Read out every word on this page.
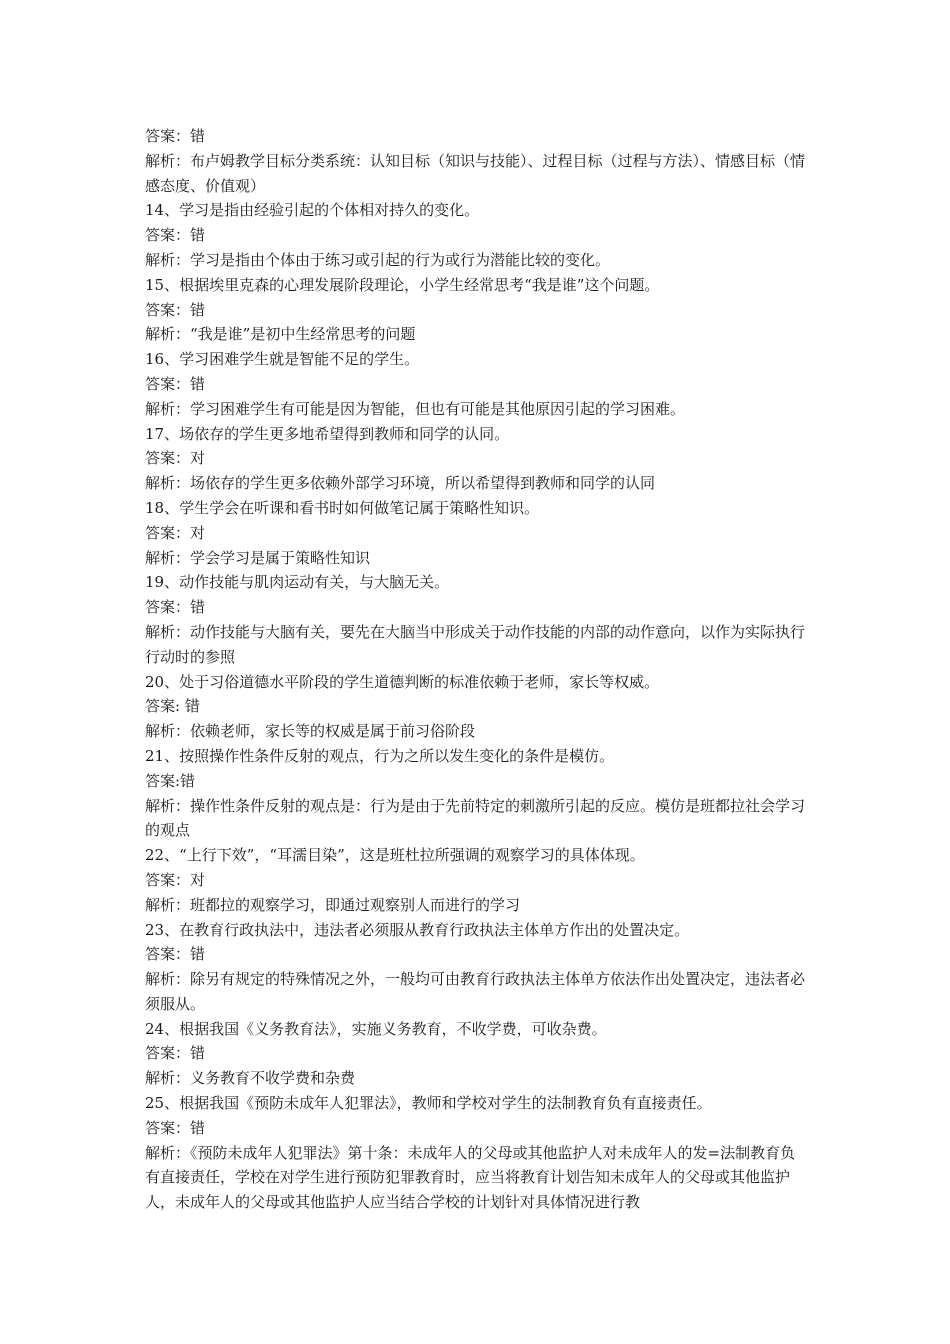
答案：错

解析：布卢姆教学目标分类系统：认知目标（知识与技能）、过程目标（过程与方法）、情感目标（情感态度、价值观）

14、学习是指由经验引起的个体相对持久的变化。

答案：错

解析：学习是指由个体由于练习或引起的行为或行为潜能比较的变化。

15、根据埃里克森的心理发展阶段理论，小学生经常思考“我是谁”这个问题。

答案：错

解析：“我是谁”是初中生经常思考的问题

16、学习困难学生就是智能不足的学生。

答案：错

解析：学习困难学生有可能是因为智能，但也有可能是其他原因引起的学习困难。

17、场依存的学生更多地希望得到教师和同学的认同。

答案：对

解析：场依存的学生更多依赖外部学习环境，所以希望得到教师和同学的认同

18、学生学会在听课和看书时如何做笔记属于策略性知识。

答案：对

解析：学会学习是属于策略性知识

19、动作技能与肌肉运动有关，与大脑无关。

答案：错

解析：动作技能与大脑有关，要先在大脑当中形成关于动作技能的内部的动作意向，以作为实际执行行动时的参照

20、处于习俗道德水平阶段的学生道德判断的标准依赖于老师，家长等权威。

答案: 错

解析：依赖老师，家长等的权威是属于前习俗阶段

21、按照操作性条件反射的观点，行为之所以发生变化的条件是模仿。

答案:错

解析：操作性条件反射的观点是：行为是由于先前特定的刺激所引起的反应。模仿是班都拉社会学习的观点

22、“上行下效”，“耳濡目染”，这是班杜拉所强调的观察学习的具体体现。

答案：对

解析：班都拉的观察学习，即通过观察别人而进行的学习

23、在教育行政执法中，违法者必须服从教育行政执法主体单方作出的处置决定。

答案：错

解析：除另有规定的特殊情况之外，一般均可由教育行政执法主体单方依法作出处置决定，违法者必须服从。

24、根据我国《义务教育法》，实施义务教育，不收学费，可收杂费。

答案：错

解析：义务教育不收学费和杂费

25、根据我国《预防未成年人犯罪法》，教师和学校对学生的法制教育负有直接责任。

答案：错

解析：《预防未成年人犯罪法》第十条：未成年人的父母或其他监护人对未成年人的发=法制教育负有直接责任，学校在对学生进行预防犯罪教育时，应当将教育计划告知未成年人的父母或其他监护人，未成年人的父母或其他监护人应当结合学校的计划针对具体情况进行教
